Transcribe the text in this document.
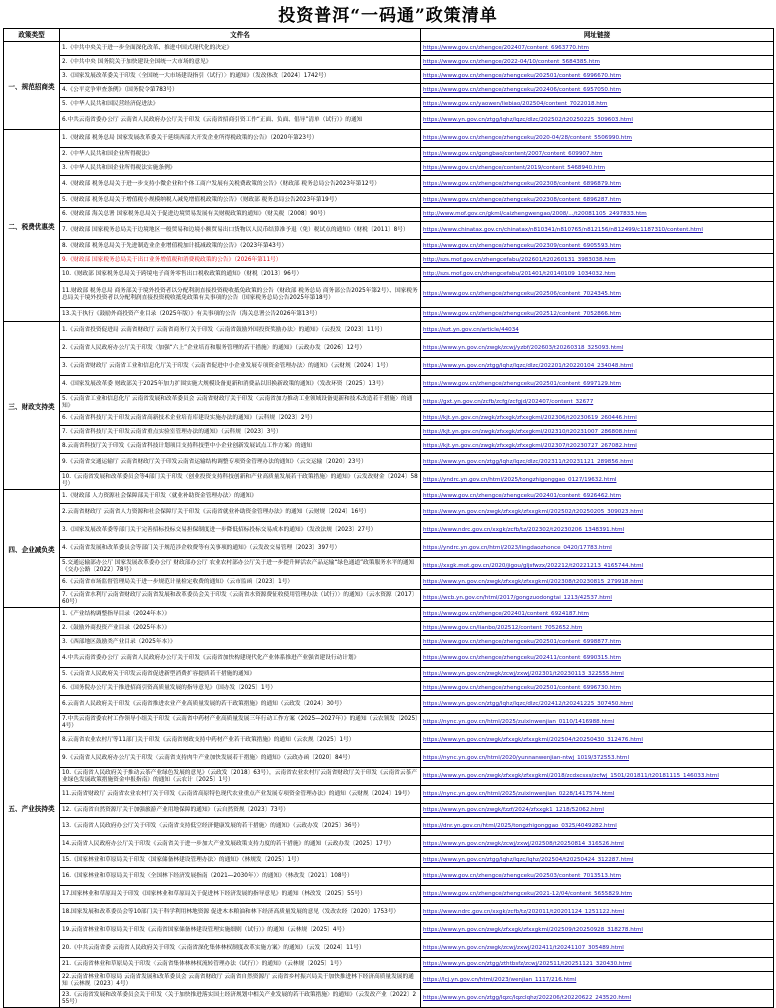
投资普洱“一码通”政策清单
政策类型	文件名	网址链接
一、规范招商类	1.《中共中央关于进一步全面深化改革、推进中国式现代化的决定》	https://www.gov.cn/zhengce/202407/content_6963770.htm
	2.《中共中央 国务院关于加快建设全国统一大市场的意见》	https://www.gov.cn/zhengce/2022-04/10/content_5684385.htm
	3.《国家发展改革委关于印发〈全国统一大市场建设指引（试行）〉的通知》（发改体改〔2024〕1742号）	https://www.gov.cn/zhengce/zhengceku/202501/content_6996670.htm
	4.《公平竞争审查条例》（国务院令第783号）	https://www.gov.cn/zhengce/zhengceku/202406/content_6957050.htm
	5.《中华人民共和国民营经济促进法》	https://www.gov.cn/yaowen/liebiao/202504/content_7022018.htm
	6.中共云南省委办公厅 云南省人民政府办公厅关于印发《云南省招商引资工作“正面、负面、倡导”清单（试行）》的通知	https://www.yn.gov.cn/ztgg/lqhz/lqzc/dlzc/202502/t20250225_309603.html
二、税费优惠类	1.《财政部 税务总局 国家发展改革委关于延续西部大开发企业所得税政策的公告》（2020年第23号）	https://www.gov.cn/zhengce/zhengceku/2020-04/28/content_5506990.htm
	2.《中华人民共和国企业所得税法》	https://www.gov.cn/gongbao/content/2007/content_609907.htm
	3.《中华人民共和国企业所得税法实施条例》	https://www.gov.cn/zhengce/content/2019/content_5468940.htm
	4.《财政部 税务总局关于进一步支持小微企业和个体工商户发展有关税费政策的公告》（财政部 税务总局公告2023年第12号）	https://www.gov.cn/zhengce/zhengceku/202308/content_6896879.htm
	5.《财政部 税务总局关于增值税小规模纳税人减免增值税政策的公告》（财政部 税务总局公告2023年第19号）	https://www.gov.cn/zhengce/zhengceku/202308/content_6896287.htm
	6.《财政部 海关总署 国家税务总局关于促进边境贸易发展有关财税政策的通知》（财关税〔2008〕90号）	http://www.mof.gov.cn/gkml/caizhengwengao/2008/.../t20081105_2497833.htm
	7.《财政部 国家税务总局关于边境地区一般贸易和边境小额贸易出口货物以人民币结算准予退（免）税试点的通知》（财税〔2011〕8号）	https://www.chinatax.gov.cn/chinatax/n810341/n810765/n812156/n812499/c1187310/content.html
	8.《财政部 税务总局关于先进制造业企业增值税加计抵减政策的公告》（2023年第43号）	https://www.gov.cn/zhengce/zhengceku/202309/content_6905593.htm
	9.《财政部 国家税务总局关于出口业务增值税和消费税政策的公告》（2026年第11号）	http://szs.mof.gov.cn/zhengcefabu/202601/t20260131_3983038.htm
	10.《财政部 国家税务总局关于跨境电子商务零售出口税收政策的通知》（财税〔2013〕96号）	http://szs.mof.gov.cn/zhengcefabu/201401/t20140109_1034032.htm
	11.财政部 税务总局 商务部关于境外投资者以分配利润直接投资税收抵免政策的公告（财政部 税务总局 商务部公告2025年第2号）、国家税务总局关于境外投资者以分配利润直接投资税收抵免政策有关事项的公告（国家税务总局公告2025年第18号）	https://www.gov.cn/zhengce/zhengceku/202506/content_7024345.htm
	13.关于执行《鼓励外商投资产业目录（2025年版）》有关事项的公告（海关总署公告2026年第13号）	https://www.gov.cn/zhengce/zhengceku/202512/content_7052866.htm
三、财政支持类	1.《云南省投资促进局 云南省财政厅 云南省商务厅关于印发〈云南省鼓励外国投资奖励办法〉的通知》（云投发〔2023〕11号）	https://szt.yn.gov.cn/article/44034
	2.《云南省人民政府办公厅关于印发〈加强“六上”企业培育和服务管理的若干措施〉的通知》（云政办发〔2026〕12号）	https://www.yn.gov.cn/zwgk/zcwj/yzbf/202603/t20260318_325093.html
	3.《云南省财政厅 云南省工业和信息化厅关于印发〈云南省促进中小企业发展专项资金管理办法〉的通知》（云财规〔2024〕1号）	https://www.yn.gov.cn/ztgg/lqhz/lqzc/dlzc/202201/t20220104_234048.html
	4.《国家发展改革委 财政部关于2025年加力扩围实施大规模设备更新和消费品以旧换新政策的通知》（发改环资〔2025〕13号）	https://www.gov.cn/zhengce/zhengceku/202501/content_6997129.htm
	5.《云南省工业和信息化厅 云南省发展和改革委员会 云南省财政厅关于印发〈云南省加力推动工业领域设备更新和技术改造若干措施〉的通知》	https://gxt.yn.gov.cn/zcfb/zcfg/zcfgjd/202407/content_32677
	6.《云南省科技厅关于印发云南省高新技术企业培育库建设实施办法的通知》（云科规〔2023〕2号）	https://kjt.yn.gov.cn/zwgk/zfxxgk/zfxxgkml/202306/t20230619_260446.html
	7.《云南省科技厅关于印发云南省重点实验室管理办法的通知》（云科规〔2023〕3号）	https://kjt.yn.gov.cn/zwgk/zfxxgk/zfxxgkml/202310/t20231007_286808.html
	8.云南省科技厅关于印发《云南省科技计划项目支持科技型中小企业创新发展试点工作方案》的通知	https://kjt.yn.gov.cn/zwgk/zfxxgk/zfxxgkml/202307/t20230727_267082.html
	9.《云南省交通运输厅 云南省财政厅关于印发云南省运输结构调整专项资金管理办法的通知》（云交运输〔2020〕23号）	https://www.yn.gov.cn/ztgg/lqhz/lqzc/dlzc/202311/t20231121_289856.html
	10.《云南省发展和改革委员会等4部门关于印发〈创业投资支持科技创新和产业高质量发展若干政策措施〉的通知》（云发改财金〔2024〕58号）	https://yndrc.yn.gov.cn/html/2025/tongzhigonggao_0127/19632.html
四、企业减负类	1.《财政部 人力资源社会保障部关于印发〈就业补助资金管理办法〉的通知》	https://www.gov.cn/zhengce/zhengceku/202401/content_6926462.htm
	2.云南省财政厅 云南省人力资源和社会保障厅关于印发《云南省就业补助资金管理办法》的通知（云财规〔2024〕16号）	https://www.yn.gov.cn/zwgk/zfxxgk/zfxxgkml/202502/t20250205_309023.html
	3.《国家发展改革委等部门关于完善招标投标交易担保制度进一步降低招标投标交易成本的通知》（发改法规〔2023〕27号）	https://www.ndrc.gov.cn/xxgk/zcfb/tz/202302/t20230206_1348391.html
	4.《云南省发展和改革委员会等部门关于规范涉企收费等有关事项的通知》（云发改交易管理〔2023〕397号）	https://yndrc.yn.gov.cn/html/2023/lingdaozhonce_0420/17783.html
	5.交通运输部办公厅 国家发展改革委办公厅 财政部办公厅 农业农村部办公厅关于进一步提升鲜活农产品运输“绿色通道”政策服务水平的通知（交办公路〔2022〕78号）	https://xxgk.mot.gov.cn/2020/jigou/gljsfwzx/202212/t20221213_4165744.html
	6.《云南省市场监督管理局关于进一步规范计量检定收费的通知》（云市监函〔2023〕1号）	https://www.yn.gov.cn/zwgk/zfxxgk/zfxxgkml/202308/t20230815_279918.html
	7.《云南省水利厅云南省财政厅云南省发展和改革委员会关于印发〈云南省水资源费征收使用管理办法（试行）〉的通知》（云水资源〔2017〕60号）	https://wcb.yn.gov.cn/html/2017/gongzuodongtai_1213/42537.html
五、产业扶持类	1.《产业结构调整指导目录（2024年本）》	https://www.gov.cn/zhengce/202401/content_6924187.htm
	2.《鼓励外商投资产业目录（2025年本）》	https://www.gov.cn/lianbo/202512/content_7052652.htm
	3.《西部地区鼓励类产业目录（2025年本）》	https://www.gov.cn/zhengce/zhengceku/202501/content_6998877.htm
	4.中共云南省委办公厅 云南省人民政府办公厅关于印发《云南省加快构建现代化产业体系推进产业强省建设行动计划》	https://www.gov.cn/zhengce/zhengceku/202411/content_6990315.htm
	5.《云南省人民政府关于印发云南省促进新型消费扩容提质若干措施的通知》	https://www.yn.gov.cn/zwgk/zcwj/zxwj/202301/t20230113_322555.html
	6.《国务院办公厅关于推进招商引资高质量发展的指导意见》（国办发〔2025〕1号）	https://www.gov.cn/zhengce/zhengceku/202501/content_6996730.htm
	6.云南省人民政府关于印发《云南省推进农业产业高质量发展的若干政策措施》的通知（云政发〔2024〕30号）	https://www.yn.gov.cn/ztgg/lqhz/lqzc/dlzc/202412/t20241225_307450.html
	7.中共云南省委农村工作领导小组关于印发《云南省中药材产业高质量发展三年行动工作方案（2025—2027年）》的通知（云农领发〔2025〕4号）	https://nync.yn.gov.cn/html/2025/zuixinwenjian_0110/1416988.html
	8.云南省农业农村厅等11部门关于印发《云南省财政支持中药材产业若干政策措施》的通知（云农规〔2025〕1号）	https://www.yn.gov.cn/zwgk/zfxxgk/zfxxgkml/202504/t20250430_312476.html
	9.《云南省人民政府办公厅关于印发〈云南省支持肉牛产业加快发展若干措施〉的通知》（云政办函〔2020〕84号）	https://nync.yn.gov.cn/html/2020/yunnanwenjian-ntwj_1019/372553.html
	10.《云南省人民政府关于推动云茶产业绿色发展的意见》（云政发〔2018〕63号），云南省农业农村厅云南省财政厅关于印发《云南省云茶产业绿色发展政策措施资金申报指南》的通知（云农计〔2025〕1号）	https://www.yn.gov.cn/zwgk/zfxxgk/zfxxgkml/2018/zcdxcsxs/zcfwj_1501/201811/t20181115_146033.html
	11.云南省财政厅 云南省农业农村厅关于印发《云南省高原特色现代农业重点产业发展专项资金管理办法》的通知（云财规〔2024〕19号）	https://nync.yn.gov.cn/html/2025/zuixinwenjian_0228/1417574.html
	12.《云南省自然资源厅关于加强旅游产业用地保障的通知》（云自然资规〔2023〕73号）	https://www.yn.gov.cn/zwgk/fzzf/2024/zfxxgk1_1218/52062.html
	13.《云南省人民政府办公厅关于印发〈云南省支持低空经济健康发展的若干措施〉的通知》（云政办发〔2025〕36号）	https://dnr.yn.gov.cn/html/2025/tongzhigonggao_0325/4049282.html
	14.云南省人民政府办公厅关于印发《云南省关于进一步加大产业发展政策支持力度的若干措施》的通知（云政办发〔2025〕17号）	https://www.yn.gov.cn/zwgk/zcwj/zxwj/202508/t20250814_316526.html
	15.《国家林业和草原局关于印发〈国家储备林建设管理办法〉的通知》（林规发〔2025〕1号）	https://www.yn.gov.cn/ztgg/lqhz/lqzc/lqhz/202504/t20250424_312287.html
	16.《国家林业和草原局关于印发〈全国林下经济发展指南（2021—2030年）〉的通知》（林改发〔2021〕108号）	https://www.gov.cn/zhengce/zhengceku/202503/content_7013513.htm
	17.国家林业和草原局关于印发《国家林业和草原局关于促进林下经济发展的指导意见》的通知（林改发〔2025〕55号）	https://www.gov.cn/zhengce/zhengceku/2021-12/04/content_5655829.htm
	18.国家发展和改革委员会等10部门关于科学利用林地资源 促进木本粮油和林下经济高质量发展的意见（发改农经〔2020〕1753号）	https://www.ndrc.gov.cn/xxgk/zcfb/tz/202011/t20201124_1251122.html
	19.云南省林业和草原局关于印发《云南省国家储备林建设管理实施细则（试行）》的通知（云林规〔2025〕4号）	https://www.yn.gov.cn/zwgk/zfxxgk/zfxxgkml/202509/t20250928_318278.html
	20.《中共云南省委 云南省人民政府关于印发〈云南省深化集体林权制度改革实施方案〉的通知》（云发〔2024〕11号）	https://www.yn.gov.cn/zwgk/zcwj/zxwj/202411/t20241107_305489.html
	21.《云南省林业和草原局关于印发〈云南省集体林林权流转管理办法（试行）〉的通知》（云林规〔2025〕1号）	https://www.yn.gov.cn/ztgg/zthtbsfz/zcwj/202511/t20251121_320430.html
	22.云南省林业和草原局 云南省发展和改革委员会 云南省财政厅 云南省自然资源厅 云南省乡村振兴局关于加快推进林下经济高质量发展的通知（云林规〔2023〕4号）	https://lcj.yn.gov.cn/html/2023/wenjian_1117/216.html
	23.《云南省发展和改革委员会关于印发〈关于加快推进落实国土经济规划中相关产业发展的若干政策措施〉的通知》（云发改产业〔2022〕255号）	https://www.yn.gov.cn/ztgg/lqzc/lqzclqhz/202206/t20220622_243520.html
